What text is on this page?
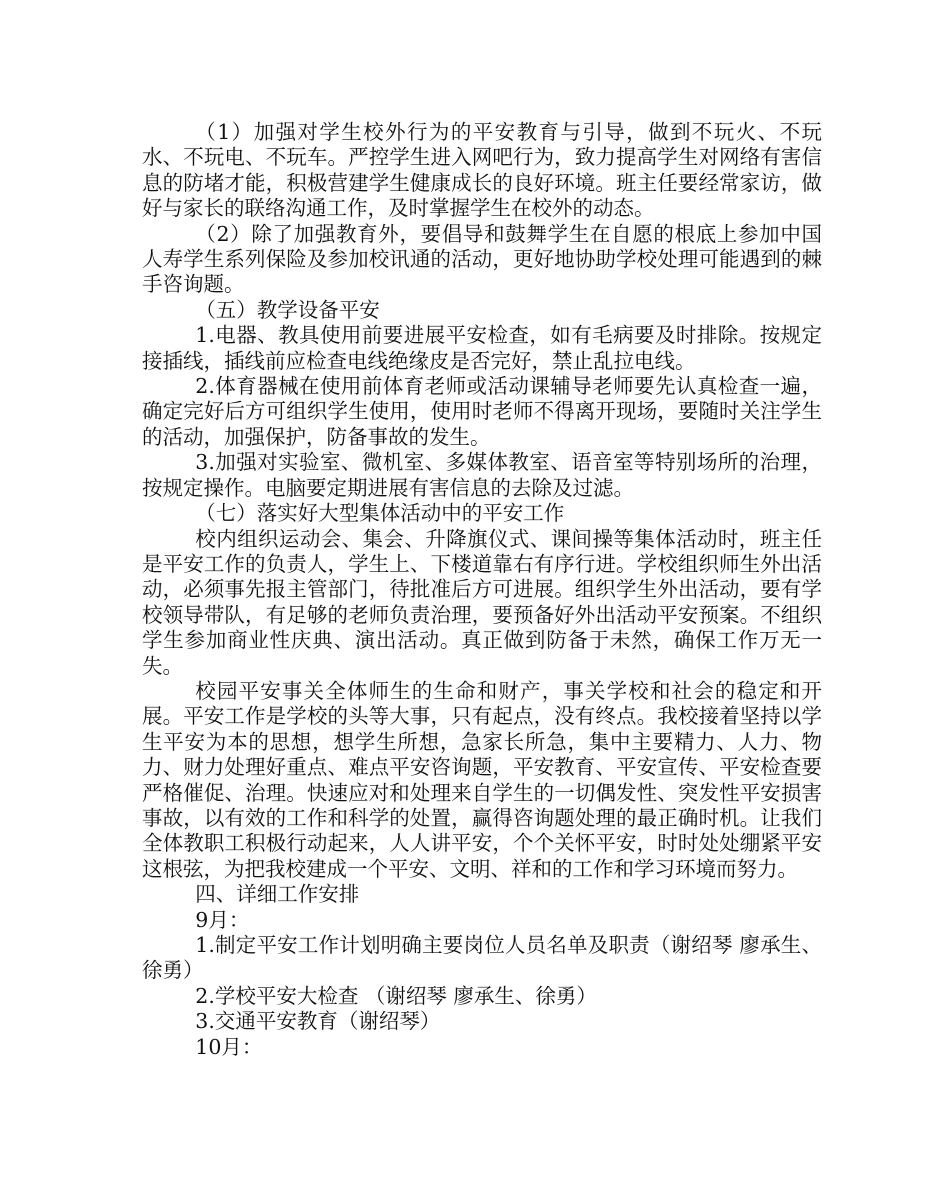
（1）加强对学生校外行为的平安教育与引导，做到不玩火、不玩水、不玩电、不玩车。严控学生进入网吧行为，致力提高学生对网络有害信息的防堵才能，积极营建学生健康成长的良好环境。班主任要经常家访，做好与家长的联络沟通工作，及时掌握学生在校外的动态。

（2）除了加强教育外，要倡导和鼓舞学生在自愿的根底上参加中国人寿学生系列保险及参加校讯通的活动，更好地协助学校处理可能遇到的棘手咨询题。

（五）教学设备平安

1.电器、教具使用前要进展平安检查，如有毛病要及时排除。按规定接插线，插线前应检查电线绝缘皮是否完好，禁止乱拉电线。

2.体育器械在使用前体育老师或活动课辅导老师要先认真检查一遍，确定完好后方可组织学生使用，使用时老师不得离开现场，要随时关注学生的活动，加强保护，防备事故的发生。

3.加强对实验室、微机室、多媒体教室、语音室等特别场所的治理，按规定操作。电脑要定期进展有害信息的去除及过滤。

（七）落实好大型集体活动中的平安工作

校内组织运动会、集会、升降旗仪式、课间操等集体活动时，班主任是平安工作的负责人，学生上、下楼道靠右有序行进。学校组织师生外出活动，必须事先报主管部门，待批准后方可进展。组织学生外出活动，要有学校领导带队，有足够的老师负责治理，要预备好外出活动平安预案。不组织学生参加商业性庆典、演出活动。真正做到防备于未然，确保工作万无一失。

校园平安事关全体师生的生命和财产，事关学校和社会的稳定和开展。平安工作是学校的头等大事，只有起点，没有终点。我校接着坚持以学生平安为本的思想，想学生所想，急家长所急，集中主要精力、人力、物力、财力处理好重点、难点平安咨询题，平安教育、平安宣传、平安检查要严格催促、治理。快速应对和处理来自学生的一切偶发性、突发性平安损害事故，以有效的工作和科学的处置，赢得咨询题处理的最正确时机。让我们全体教职工积极行动起来，人人讲平安，个个关怀平安，时时处处绷紧平安这根弦，为把我校建成一个平安、文明、祥和的工作和学习环境而努力。

四、详细工作安排

9月：

1.制定平安工作计划明确主要岗位人员名单及职责（谢绍琴 廖承生、徐勇）

2.学校平安大检查 （谢绍琴 廖承生、徐勇）

3.交通平安教育（谢绍琴）

10月：
